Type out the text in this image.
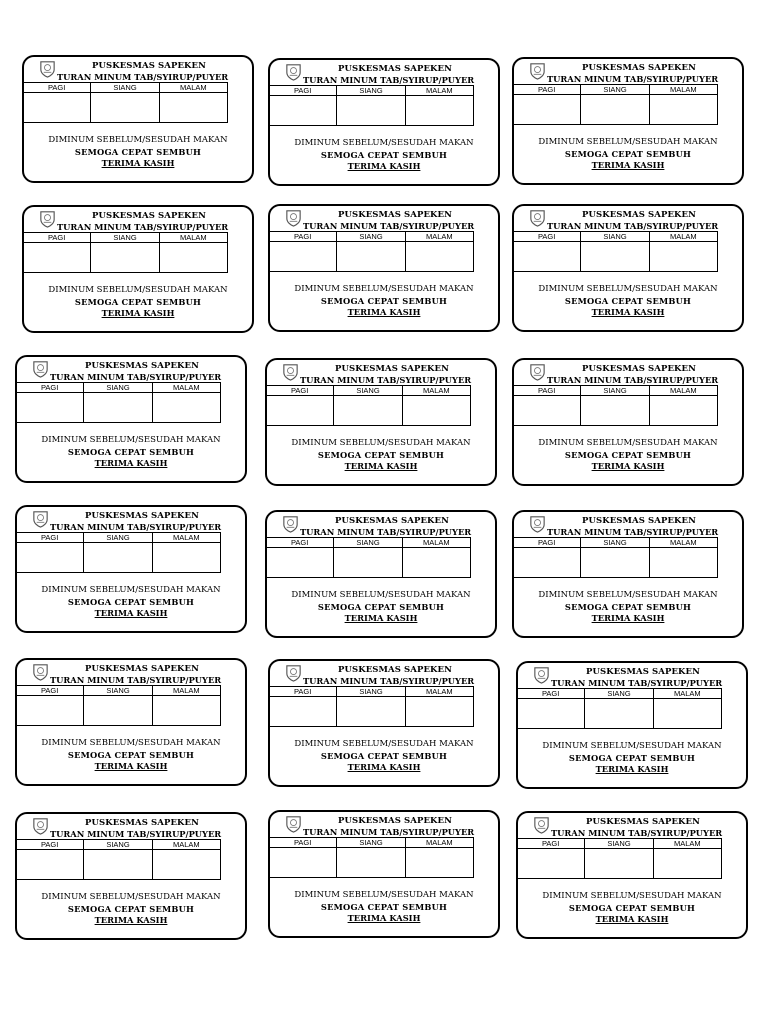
PUSKESMAS SAPEKEN
TURAN MINUM TAB/SYIRUP/PUYER
PAGI	SIANG	MALAM

DIMINUM SEBELUM/SESUDAH MAKAN
SEMOGA CEPAT SEMBUH
TERIMA KASIH
PUSKESMAS SAPEKEN
TURAN MINUM TAB/SYIRUP/PUYER
PAGI	SIANG	MALAM

DIMINUM SEBELUM/SESUDAH MAKAN
SEMOGA CEPAT SEMBUH
TERIMA KASIH
PUSKESMAS SAPEKEN
TURAN MINUM TAB/SYIRUP/PUYER
PAGI	SIANG	MALAM

DIMINUM SEBELUM/SESUDAH MAKAN
SEMOGA CEPAT SEMBUH
TERIMA KASIH
PUSKESMAS SAPEKEN
TURAN MINUM TAB/SYIRUP/PUYER
PAGI	SIANG	MALAM

DIMINUM SEBELUM/SESUDAH MAKAN
SEMOGA CEPAT SEMBUH
TERIMA KASIH
PUSKESMAS SAPEKEN
TURAN MINUM TAB/SYIRUP/PUYER
PAGI	SIANG	MALAM

DIMINUM SEBELUM/SESUDAH MAKAN
SEMOGA CEPAT SEMBUH
TERIMA KASIH
PUSKESMAS SAPEKEN
TURAN MINUM TAB/SYIRUP/PUYER
PAGI	SIANG	MALAM

DIMINUM SEBELUM/SESUDAH MAKAN
SEMOGA CEPAT SEMBUH
TERIMA KASIH
PUSKESMAS SAPEKEN
TURAN MINUM TAB/SYIRUP/PUYER
PAGI	SIANG	MALAM

DIMINUM SEBELUM/SESUDAH MAKAN
SEMOGA CEPAT SEMBUH
TERIMA KASIH
PUSKESMAS SAPEKEN
TURAN MINUM TAB/SYIRUP/PUYER
PAGI	SIANG	MALAM

DIMINUM SEBELUM/SESUDAH MAKAN
SEMOGA CEPAT SEMBUH
TERIMA KASIH
PUSKESMAS SAPEKEN
TURAN MINUM TAB/SYIRUP/PUYER
PAGI	SIANG	MALAM

DIMINUM SEBELUM/SESUDAH MAKAN
SEMOGA CEPAT SEMBUH
TERIMA KASIH
PUSKESMAS SAPEKEN
TURAN MINUM TAB/SYIRUP/PUYER
PAGI	SIANG	MALAM

DIMINUM SEBELUM/SESUDAH MAKAN
SEMOGA CEPAT SEMBUH
TERIMA KASIH
PUSKESMAS SAPEKEN
TURAN MINUM TAB/SYIRUP/PUYER
PAGI	SIANG	MALAM

DIMINUM SEBELUM/SESUDAH MAKAN
SEMOGA CEPAT SEMBUH
TERIMA KASIH
PUSKESMAS SAPEKEN
TURAN MINUM TAB/SYIRUP/PUYER
PAGI	SIANG	MALAM

DIMINUM SEBELUM/SESUDAH MAKAN
SEMOGA CEPAT SEMBUH
TERIMA KASIH
PUSKESMAS SAPEKEN
TURAN MINUM TAB/SYIRUP/PUYER
PAGI	SIANG	MALAM

DIMINUM SEBELUM/SESUDAH MAKAN
SEMOGA CEPAT SEMBUH
TERIMA KASIH
PUSKESMAS SAPEKEN
TURAN MINUM TAB/SYIRUP/PUYER
PAGI	SIANG	MALAM

DIMINUM SEBELUM/SESUDAH MAKAN
SEMOGA CEPAT SEMBUH
TERIMA KASIH
PUSKESMAS SAPEKEN
TURAN MINUM TAB/SYIRUP/PUYER
PAGI	SIANG	MALAM

DIMINUM SEBELUM/SESUDAH MAKAN
SEMOGA CEPAT SEMBUH
TERIMA KASIH
PUSKESMAS SAPEKEN
TURAN MINUM TAB/SYIRUP/PUYER
PAGI	SIANG	MALAM

DIMINUM SEBELUM/SESUDAH MAKAN
SEMOGA CEPAT SEMBUH
TERIMA KASIH
PUSKESMAS SAPEKEN
TURAN MINUM TAB/SYIRUP/PUYER
PAGI	SIANG	MALAM

DIMINUM SEBELUM/SESUDAH MAKAN
SEMOGA CEPAT SEMBUH
TERIMA KASIH
PUSKESMAS SAPEKEN
TURAN MINUM TAB/SYIRUP/PUYER
PAGI	SIANG	MALAM

DIMINUM SEBELUM/SESUDAH MAKAN
SEMOGA CEPAT SEMBUH
TERIMA KASIH
